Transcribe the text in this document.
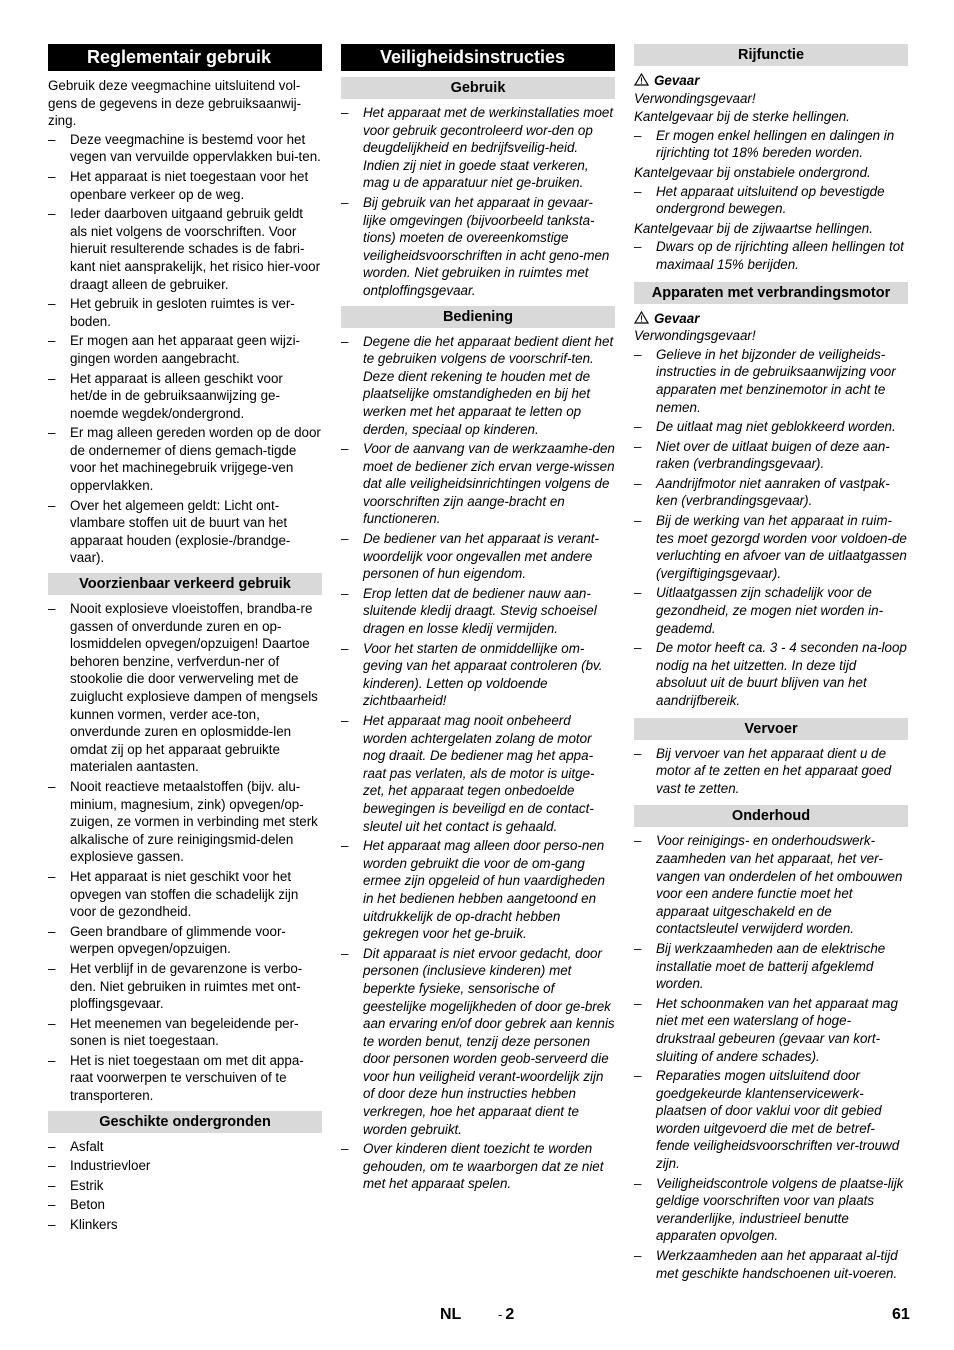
Reglementair gebruik
Gebruik deze veegmachine uitsluitend vol-gens de gegevens in deze gebruiksaanwij-zing.
– Deze veegmachine is bestemd voor het vegen van vervuilde oppervlakken bui-ten.
– Het apparaat is niet toegestaan voor het openbare verkeer op de weg.
– Ieder daarboven uitgaand gebruik geldt als niet volgens de voorschriften. Voor hieruit resulterende schades is de fabri-kant niet aansprakelijk, het risico hier-voor draagt alleen de gebruiker.
– Het gebruik in gesloten ruimtes is ver-boden.
– Er mogen aan het apparaat geen wijzi-gingen worden aangebracht.
– Het apparaat is alleen geschikt voor het/de in de gebruiksaanwijzing ge-noemde wegdek/ondergrond.
– Er mag alleen gereden worden op de door de ondernemer of diens gemach-tigde voor het machinegebruik vrijgege-ven oppervlakken.
– Over het algemeen geldt: Licht ont-vlambare stoffen uit de buurt van het apparaat houden (explosie-/brandge-vaar).
Voorzienbaar verkeerd gebruik
– Nooit explosieve vloeistoffen, brandba-re gassen of onverdunde zuren en op-losmiddelen opvegen/opzuigen! Daartoe behoren benzine, verfverdun-ner of stookolie die door verwerveling met de zuiglucht explosieve dampen of mengsels kunnen vormen, verder ace-ton, onverdunde zuren en oplosmidde-len omdat zij op het apparaat gebruikte materialen aantasten.
– Nooit reactieve metaalstoffen (bijv. alu-minium, magnesium, zink) opvegen/op-zuigen, ze vormen in verbinding met sterk alkalische of zure reinigingsmid-delen explosieve gassen.
– Het apparaat is niet geschikt voor het opvegen van stoffen die schadelijk zijn voor de gezondheid.
– Geen brandbare of glimmende voor-werpen opvegen/opzuigen.
– Het verblijf in de gevarenzone is verbo-den. Niet gebruiken in ruimtes met ont-ploffingsgevaar.
– Het meenemen van begeleidende per-sonen is niet toegestaan.
– Het is niet toegestaan om met dit appa-raat voorwerpen te verschuiven of te transporteren.
Geschikte ondergronden
– Asfalt
– Industrievloer
– Estrik
– Beton
– Klinkers
Veiligheidsinstructies
Gebruik
– Het apparaat met de werkinstallaties moet voor gebruik gecontroleerd wor-den op deugdelijkheid en bedrijfsveilig-heid. Indien zij niet in goede staat verkeren, mag u de apparatuur niet ge-bruiken.
– Bij gebruik van het apparaat in gevaar-lijke omgevingen (bijvoorbeeld tanksta-tions) moeten de overeenkomstige veiligheidsvoorschriften in acht geno-men worden. Niet gebruiken in ruimtes met ontploffingsgevaar.
Bediening
– Degene die het apparaat bedient dient het te gebruiken volgens de voorschrif-ten. Deze dient rekening te houden met de plaatselijke omstandigheden en bij het werken met het apparaat te letten op derden, speciaal op kinderen.
– Voor de aanvang van de werkzaamhe-den moet de bediener zich ervan verge-wissen dat alle veiligheidsinrichtingen volgens de voorschriften zijn aange-bracht en functioneren.
– De bediener van het apparaat is verant-woordelijk voor ongevallen met andere personen of hun eigendom.
– Erop letten dat de bediener nauw aan-sluitende kledij draagt. Stevig schoeisel dragen en losse kledij vermijden.
– Voor het starten de onmiddellijke om-geving van het apparaat controleren (bv. kinderen). Letten op voldoende zichtbaarheid!
– Het apparaat mag nooit onbeheerd worden achtergelaten zolang de motor nog draait. De bediener mag het appa-raat pas verlaten, als de motor is uitge-zet, het apparaat tegen onbedoelde bewegingen is beveiligd en de contact-sleutel uit het contact is gehaald.
– Het apparaat mag alleen door perso-nen worden gebruikt die voor de om-gang ermee zijn opgeleid of hun vaardigheden in het bedienen hebben aangetoond en uitdrukkelijk de op-dracht hebben gekregen voor het ge-bruik.
– Dit apparaat is niet ervoor gedacht, door personen (inclusieve kinderen) met beperkte fysieke, sensorische of geestelijke mogelijkheden of door ge-brek aan ervaring en/of door gebrek aan kennis te worden benut, tenzij deze personen door personen worden geob-serveerd die voor hun veiligheid verant-woordelijk zijn of door deze hun instructies hebben verkregen, hoe het apparaat dient te worden gebruikt.
– Over kinderen dient toezicht te worden gehouden, om te waarborgen dat ze niet met het apparaat spelen.
Rijfunctie
Gevaar
Verwondingsgevaar!
Kantelgevaar bij de sterke hellingen.
– Er mogen enkel hellingen en dalingen in rijrichting tot 18% bereden worden.
Kantelgevaar bij onstabiele ondergrond.
– Het apparaat uitsluitend op bevestigde ondergrond bewegen.
Kantelgevaar bij de zijwaartse hellingen.
– Dwars op de rijrichting alleen hellingen tot maximaal 15% berijden.
Apparaten met verbrandingsmotor
Gevaar
Verwondingsgevaar!
– Gelieve in het bijzonder de veiligheids-instructies in de gebruiksaanwijzing voor apparaten met benzinemotor in acht te nemen.
– De uitlaat mag niet geblokkeerd worden.
– Niet over de uitlaat buigen of deze aan-raken (verbrandingsgevaar).
– Aandrijfmotor niet aanraken of vastpak-ken (verbrandingsgevaar).
– Bij de werking van het apparaat in ruim-tes moet gezorgd worden voor voldoen-de verluchting en afvoer van de uitlaatgassen (vergiftigingsgevaar).
– Uitlaatgassen zijn schadelijk voor de gezondheid, ze mogen niet worden in-geademd.
– De motor heeft ca. 3 - 4 seconden na-loop nodig na het uitzetten. In deze tijd absoluut uit de buurt blijven van het aandrijfbereik.
Vervoer
– Bij vervoer van het apparaat dient u de motor af te zetten en het apparaat goed vast te zetten.
Onderhoud
– Voor reinigings- en onderhoudswerk-zaamheden van het apparaat, het ver-vangen van onderdelen of het ombouwen voor een andere functie moet het apparaat uitgeschakeld en de contactsleutel verwijderd worden.
– Bij werkzaamheden aan de elektrische installatie moet de batterij afgeklemd worden.
– Het schoonmaken van het apparaat mag niet met een waterslang of hoge-drukstraal gebeuren (gevaar van kort-sluiting of andere schades).
– Reparaties mogen uitsluitend door goedgekeurde klantenservicewerk-plaatsen of door vaklui voor dit gebied worden uitgevoerd die met de betref-fende veiligheidsvoorschriften ver-trouwd zijn.
– Veiligheidscontrole volgens de plaatse-lijk geldige voorschriften voor van plaats veranderlijke, industrieel benutte apparaten opvolgen.
– Werkzaamheden aan het apparaat al-tijd met geschikte handschoenen uit-voeren.
NL	- 2	61
